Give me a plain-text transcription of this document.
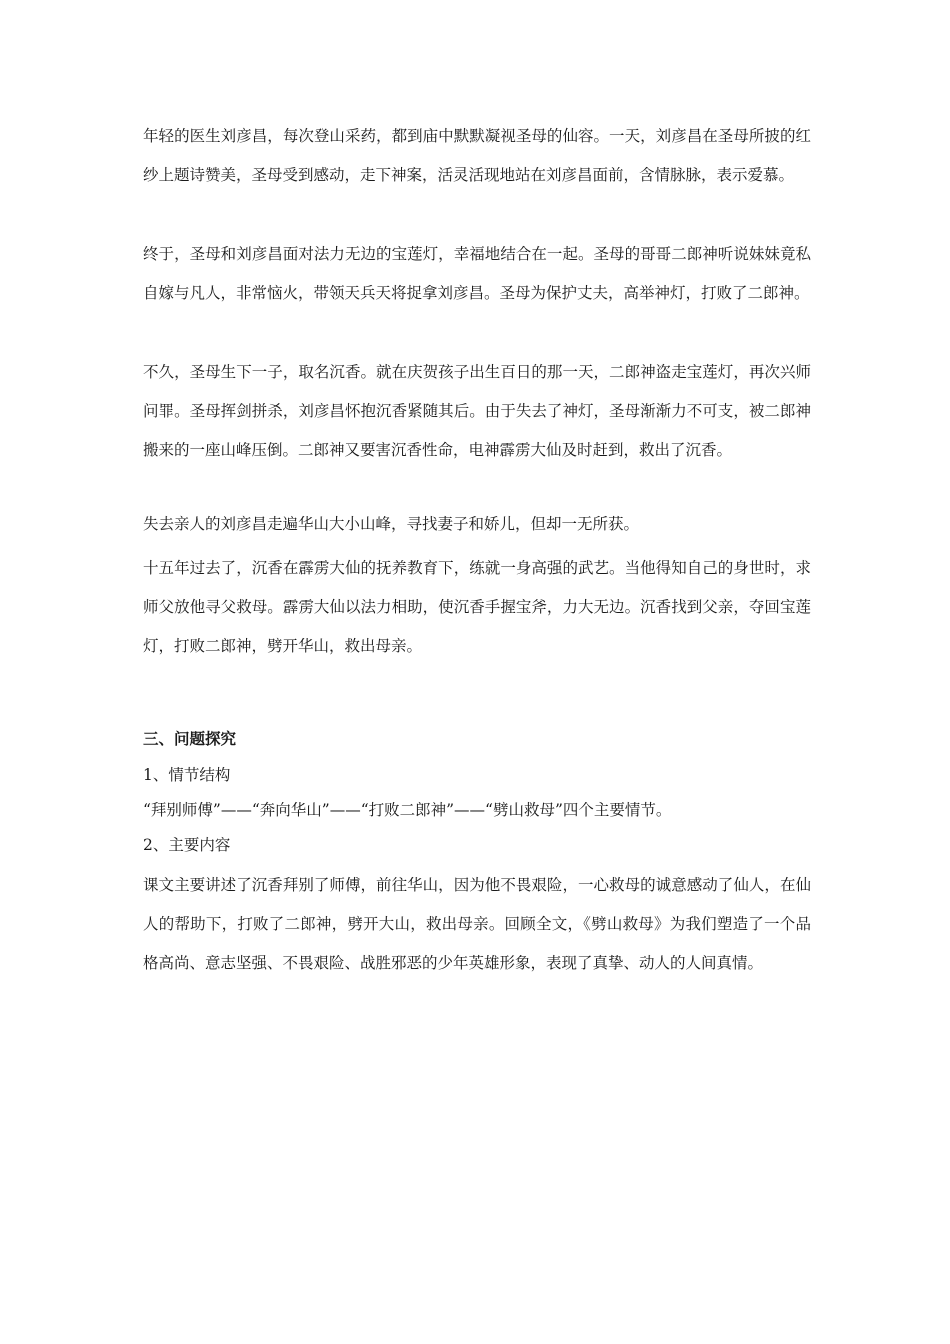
年轻的医生刘彦昌，每次登山采药，都到庙中默默凝视圣母的仙容。一天，刘彦昌在圣母所披的红纱上题诗赞美，圣母受到感动，走下神案，活灵活现地站在刘彦昌面前，含情脉脉，表示爱慕。

终于，圣母和刘彦昌面对法力无边的宝莲灯，幸福地结合在一起。圣母的哥哥二郎神听说妹妹竟私自嫁与凡人，非常恼火，带领天兵天将捉拿刘彦昌。圣母为保护丈夫，高举神灯，打败了二郎神。

不久，圣母生下一子，取名沉香。就在庆贺孩子出生百日的那一天，二郎神盗走宝莲灯，再次兴师问罪。圣母挥剑拼杀，刘彦昌怀抱沉香紧随其后。由于失去了神灯，圣母渐渐力不可支，被二郎神搬来的一座山峰压倒。二郎神又要害沉香性命，电神霹雳大仙及时赶到，救出了沉香。

失去亲人的刘彦昌走遍华山大小山峰，寻找妻子和娇儿，但却一无所获。

十五年过去了，沉香在霹雳大仙的抚养教育下，练就一身高强的武艺。当他得知自己的身世时，求师父放他寻父救母。霹雳大仙以法力相助，使沉香手握宝斧，力大无边。沉香找到父亲，夺回宝莲灯，打败二郎神，劈开华山，救出母亲。

三、问题探究

1、情节结构

“拜别师傅”——“奔向华山”——“打败二郎神”——“劈山救母”四个主要情节。

2、主要内容

课文主要讲述了沉香拜别了师傅，前往华山，因为他不畏艰险，一心救母的诚意感动了仙人，在仙人的帮助下，打败了二郎神，劈开大山，救出母亲。回顾全文，《劈山救母》为我们塑造了一个品格高尚、意志坚强、不畏艰险、战胜邪恶的少年英雄形象，表现了真挚、动人的人间真情。
